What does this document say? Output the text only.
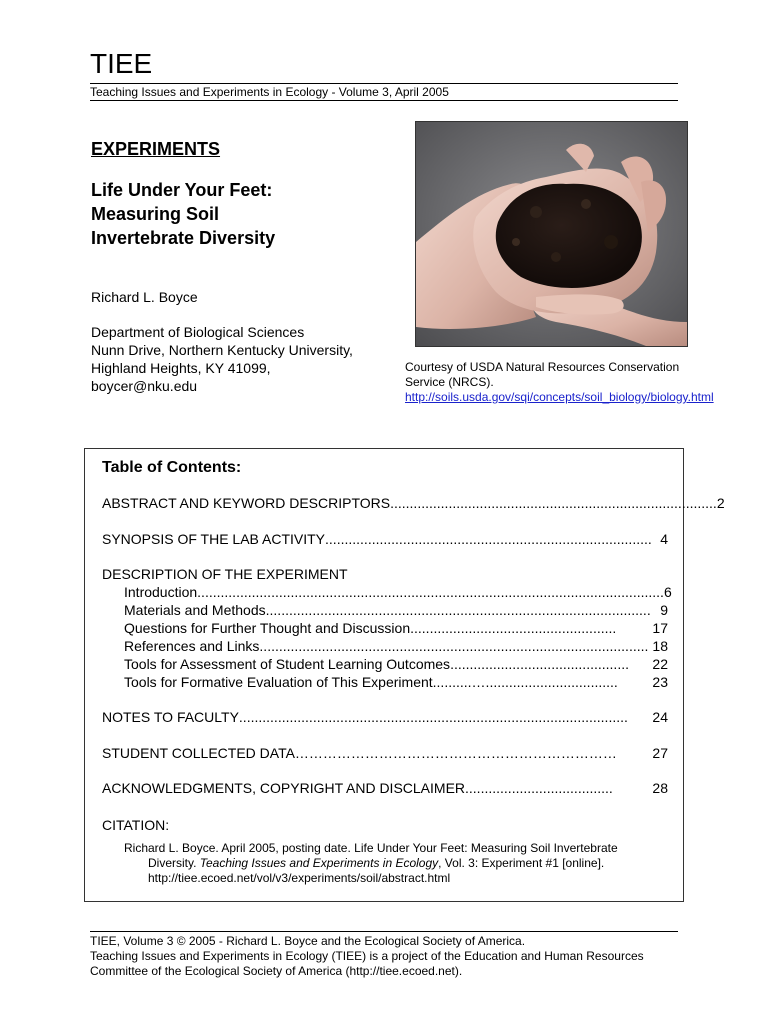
TIEE
Teaching Issues and Experiments in Ecology - Volume 3, April 2005
EXPERIMENTS
Life Under Your Feet:
Measuring Soil
Invertebrate Diversity
Richard L. Boyce
Department of Biological Sciences
Nunn Drive, Northern Kentucky University,
Highland Heights, KY 41099,
boycer@nku.edu
Courtesy of USDA Natural Resources Conservation
Service (NRCS).
http://soils.usda.gov/sqi/concepts/soil_biology/biology.html
Table of Contents:
ABSTRACT AND KEYWORD DESCRIPTORS .................................................................................... 2
SYNOPSIS OF THE LAB ACTIVITY .................................................................................... 4
DESCRIPTION OF THE EXPERIMENT
Introduction ........................................................................................................................ 6
Materials and Methods ................................................................................................... 9
Questions for Further Thought and Discussion .....................................................	17
References and Links .................................................................................................... 18
Tools for Assessment of Student Learning Outcomes ..............................................	22
Tools for Formative Evaluation of This Experiment ..........…..................................	23
NOTES TO FACULTY ....................................................................................................	24
STUDENT COLLECTED DATA ……………………………………………………………	27
ACKNOWLEDGMENTS, COPYRIGHT AND DISCLAIMER ......................................	28
CITATION:
Richard L. Boyce. April 2005, posting date. Life Under Your Feet: Measuring Soil Invertebrate
Diversity. Teaching Issues and Experiments in Ecology, Vol. 3: Experiment #1 [online].
http://tiee.ecoed.net/vol/v3/experiments/soil/abstract.html
TIEE, Volume 3 © 2005 - Richard L. Boyce and the Ecological Society of America.
Teaching Issues and Experiments in Ecology (TIEE) is a project of the Education and Human Resources
Committee of the Ecological Society of America (http://tiee.ecoed.net).
